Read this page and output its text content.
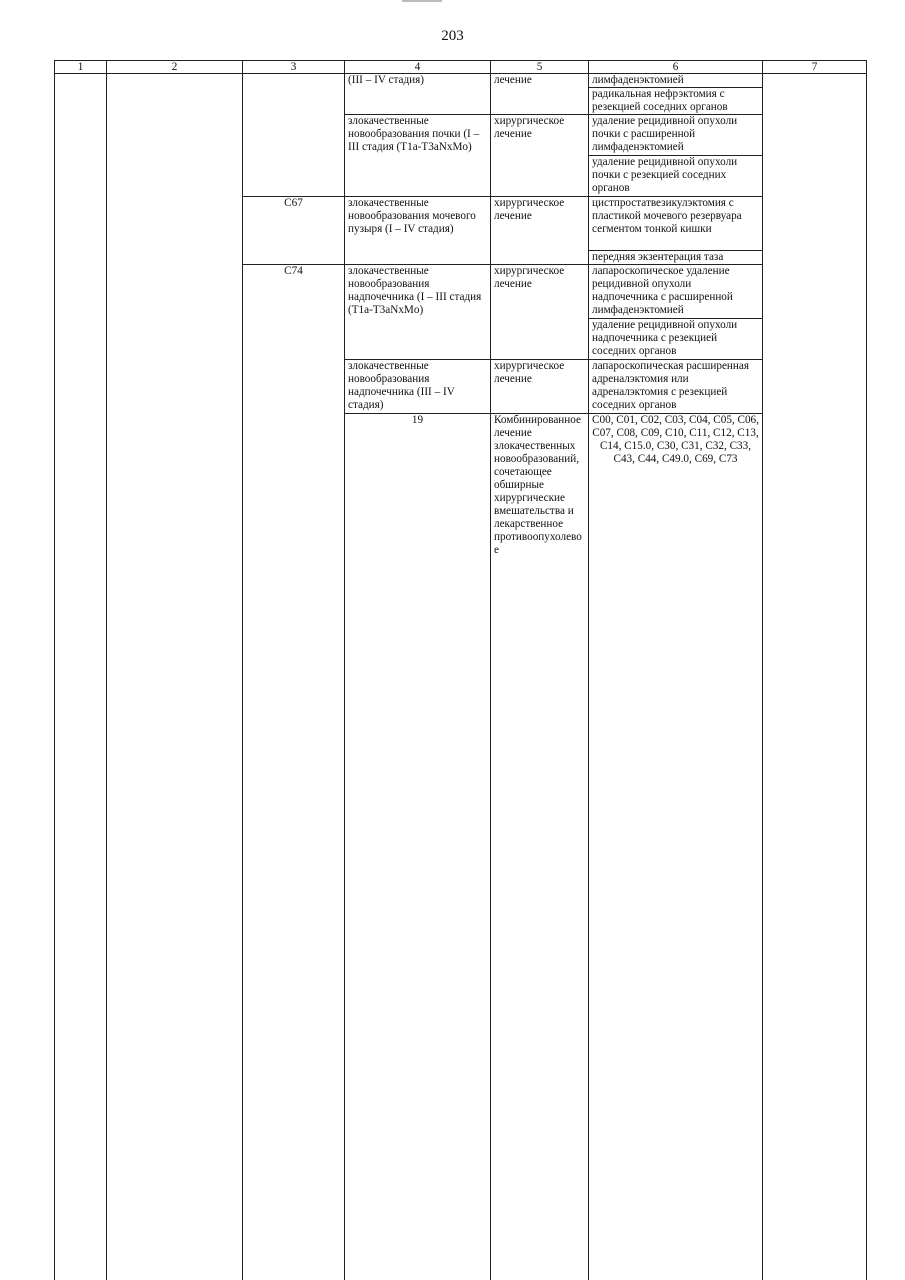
203
1	2	3	4	5	6	7	
			(III – IV стадия)	лечение	лимфаденэктомией		
					радикальная нефрэктомия с резекцией соседних органов		
			злокачественные новообразования почки (I – III стадия (T1a-T3aNxMo)	хирургическое лечение	удаление рецидивной опухоли почки с расширенной лимфаденэктомией		
					удаление рецидивной опухоли почки с резекцией соседних органов		
		C67	злокачественные новообразования мочевого пузыря (I – IV стадия)	хирургическое лечение	цистпростатвезикулэктомия с пластикой мочевого резервуара сегментом тонкой кишки		
					передняя экзентерация таза		
		C74	злокачественные новообразования надпочечника (I – III стадия (T1a-T3aNxMo)	хирургическое лечение	лапароскопическое удаление рецидивной опухоли надпочечника с расширенной лимфаденэктомией		
					удаление рецидивной опухоли надпочечника с резекцией соседних органов		
			злокачественные новообразования надпочечника (III – IV стадия)	хирургическое лечение	лапароскопическая расширенная адреналэктомия или адреналэктомия с резекцией соседних органов		
			19	Комбинированное лечение злокачественных новообразований, сочетающее обширные хирургические вмешательства и лекарственное противоопухолевое	C00, C01, C02, C03, C04, C05, C06, C07, C08, C09, C10, C11, C12, C13, C14, C15.0, C30, C31, C32, C33, C43, C44, C49.0, C69, C73				
